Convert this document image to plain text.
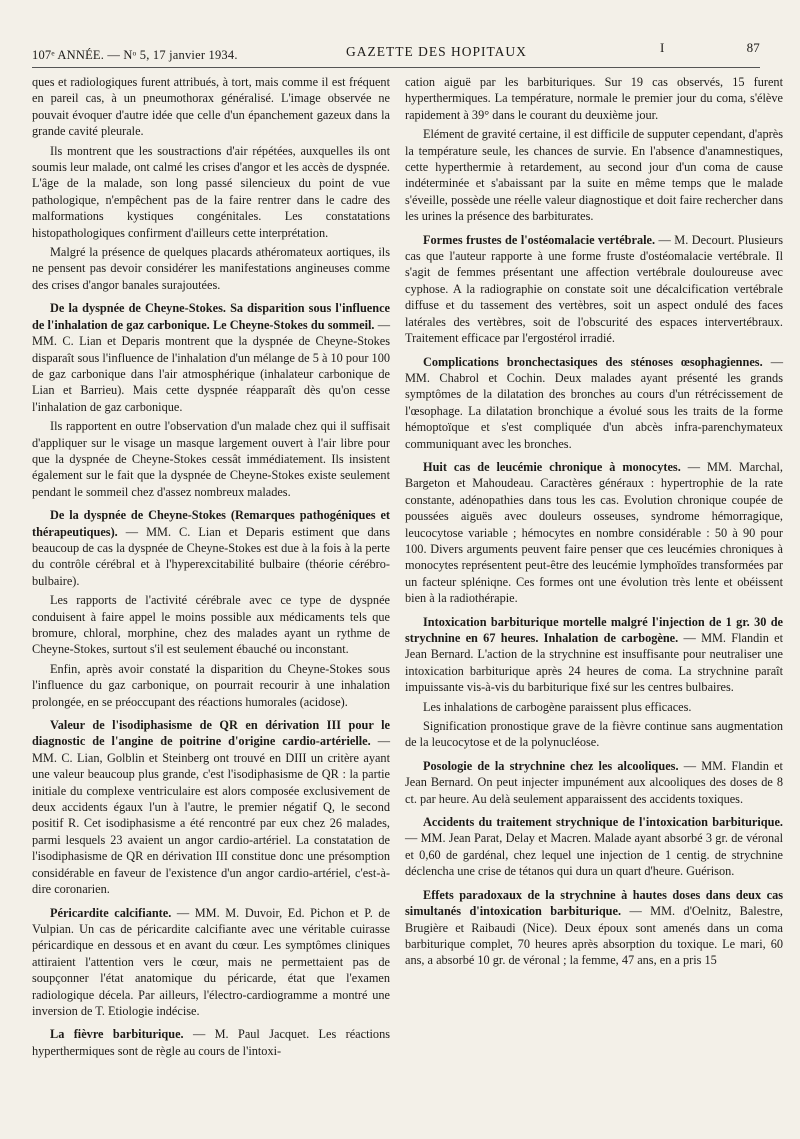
107ᵉ ANNÉE. — Nᵒ 5, 17 janvier 1934.	GAZETTE DES HOPITAUX	I	87

ques et radiologiques furent attribués, à tort, mais comme il est fréquent en pareil cas, à un pneumothorax généralisé. L'image observée ne pouvait évoquer d'autre idée que celle d'un épanchement gazeux dans la grande cavité pleurale.

Ils montrent que les soustractions d'air répétées, auxquelles ils ont soumis leur malade, ont calmé les crises d'angor et les accès de dyspnée. L'âge de la malade, son long passé silencieux du point de vue pathologique, n'empêchent pas de la faire rentrer dans le cadre des malformations kystiques congénitales. Les constatations histopathologiques confirment d'ailleurs cette interprétation.

Malgré la présence de quelques placards athéromateux aortiques, ils ne pensent pas devoir considérer les manifestations angineuses comme des crises d'angor banales surajoutées.

De la dyspnée de Cheyne-Stokes. Sa disparition sous l'influence de l'inhalation de gaz carbonique. Le Cheyne-Stokes du sommeil. — MM. C. Lian et Deparis montrent que la dyspnée de Cheyne-Stokes disparaît sous l'influence de l'inhalation d'un mélange de 5 à 10 pour 100 de gaz carbonique dans l'air atmosphérique (inhalateur carbonique de Lian et Barrieu). Mais cette dyspnée réapparaît dès qu'on cesse l'inhalation de gaz carbonique.

Ils rapportent en outre l'observation d'un malade chez qui il suffisait d'appliquer sur le visage un masque largement ouvert à l'air libre pour que la dyspnée de Cheyne-Stokes cessât immédiatement. Ils insistent également sur le fait que la dyspnée de Cheyne-Stokes existe seulement pendant le sommeil chez d'assez nombreux malades.

De la dyspnée de Cheyne-Stokes (Remarques pathogéniques et thérapeutiques). — MM. C. Lian et Deparis estiment que dans beaucoup de cas la dyspnée de Cheyne-Stokes est due à la fois à la perte du contrôle cérébral et à l'hyperexcitabilité bulbaire (théorie cérébro-bulbaire).

Les rapports de l'activité cérébrale avec ce type de dyspnée conduisent à faire appel le moins possible aux médicaments tels que bromure, chloral, morphine, chez des malades ayant un rythme de Cheyne-Stokes, surtout s'il est seulement ébauché ou inconstant.

Enfin, après avoir constaté la disparition du Cheyne-Stokes sous l'influence du gaz carbonique, on pourrait recourir à une inhalation prolongée, en se préoccupant des réactions humorales (acidose).

Valeur de l'isodiphasisme de QR en dérivation III pour le diagnostic de l'angine de poitrine d'origine cardio-artérielle. — MM. C. Lian, Golblin et Steinberg ont trouvé en DIII un critère ayant une valeur beaucoup plus grande, c'est l'isodiphasisme de QR : la partie initiale du complexe ventriculaire est alors composée exclusivement de deux accidents égaux l'un à l'autre, le premier négatif Q, le second positif R. Cet isodiphasisme a été rencontré par eux chez 26 malades, parmi lesquels 23 avaient un angor cardio-artériel. La constatation de l'isodiphasisme de QR en dérivation III constitue donc une présomption considérable en faveur de l'existence d'un angor cardio-artériel, c'est-à-dire coronarien.

Péricardite calcifiante. — MM. M. Duvoir, Ed. Pichon et P. de Vulpian. Un cas de péricardite calcifiante avec une véritable cuirasse péricardique en dessous et en avant du cœur. Les symptômes cliniques attiraient l'attention vers le cœur, mais ne permettaient pas de soupçonner l'état anatomique du péricarde, état que l'examen radiologique décela. Par ailleurs, l'électro-cardiogramme a montré une inversion de T. Etiologie indécise.

La fièvre barbiturique. — M. Paul Jacquet. Les réactions hyperthermiques sont de règle au cours de l'intoxi-

cation aiguë par les barbituriques. Sur 19 cas observés, 15 furent hyperthermiques. La température, normale le premier jour du coma, s'élève rapidement à 39° dans le courant du deuxième jour.

Elément de gravité certaine, il est difficile de supputer cependant, d'après la température seule, les chances de survie. En l'absence d'anamnestiques, cette hyperthermie à retardement, au second jour d'un coma de cause indéterminée et s'abaissant par la suite en même temps que le malade s'éveille, possède une réelle valeur diagnostique et doit faire rechercher dans les urines la présence des barbiturates.

Formes frustes de l'ostéomalacie vertébrale. — M. Decourt. Plusieurs cas que l'auteur rapporte à une forme fruste d'ostéomalacie vertébrale. Il s'agit de femmes présentant une affection vertébrale douloureuse avec cyphose. A la radiographie on constate soit une décalcification vertébrale diffuse et du tassement des vertèbres, soit un aspect ondulé des faces latérales des vertèbres, soit de l'obscurité des espaces intervertébraux. Traitement efficace par l'ergostérol irradié.

Complications bronchectasiques des sténoses œsophagiennes. — MM. Chabrol et Cochin. Deux malades ayant présenté les grands symptômes de la dilatation des bronches au cours d'un rétrécissement de l'œsophage. La dilatation bronchique a évolué sous les traits de la forme hémoptoïque et s'est compliquée d'un abcès infra-parenchymateux communiquant avec les bronches.

Huit cas de leucémie chronique à monocytes. — MM. Marchal, Bargeton et Mahoudeau. Caractères généraux : hypertrophie de la rate constante, adénopathies dans tous les cas. Evolution chronique coupée de poussées aiguës avec douleurs osseuses, syndrome hémorragique, leucocytose variable ; hémocytes en nombre considérable : 50 à 90 pour 100. Divers arguments peuvent faire penser que ces leucémies chroniques à monocytes représentent peut-être des leucémie lymphoïdes transformées par un facteur spléniqne. Ces formes ont une évolution très lente et obéissent bien à la radiothérapie.

Intoxication barbiturique mortelle malgré l'injection de 1 gr. 30 de strychnine en 67 heures. Inhalation de carbogène. — MM. Flandin et Jean Bernard. L'action de la strychnine est insuffisante pour neutraliser une intoxication barbiturique après 24 heures de coma. La strychnine paraît impuissante vis-à-vis du barbiturique fixé sur les centres bulbaires.

Les inhalations de carbogène paraissent plus efficaces.

Signification pronostique grave de la fièvre continue sans augmentation de la leucocytose et de la polynucléose.

Posologie de la strychnine chez les alcooliques. — MM. Flandin et Jean Bernard. On peut injecter impunément aux alcooliques des doses de 8 ct. par heure. Au delà seulement apparaissent des accidents toxiques.

Accidents du traitement strychnique de l'intoxication barbiturique. — MM. Jean Parat, Delay et Macren. Malade ayant absorbé 3 gr. de véronal et 0,60 de gardénal, chez lequel une injection de 1 centig. de strychnine déclencha une crise de tétanos qui dura un quart d'heure. Guérison.

Effets paradoxaux de la strychnine à hautes doses dans deux cas simultanés d'intoxication barbiturique. — MM. d'Oelnitz, Balestre, Brugière et Raibaudi (Nice). Deux époux sont amenés dans un coma barbiturique complet, 70 heures après absorption du toxique. Le mari, 60 ans, a absorbé 10 gr. de véronal ; la femme, 47 ans, en a pris 15
